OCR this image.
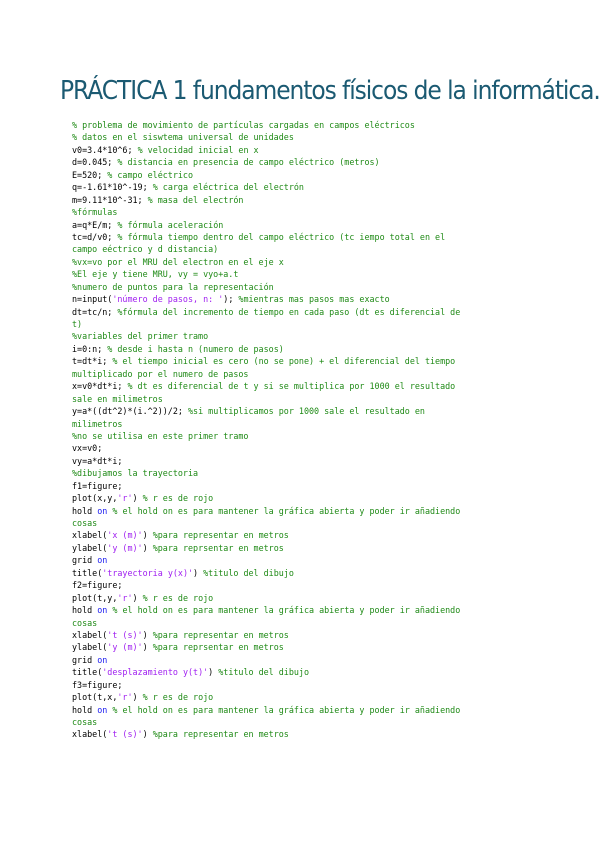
PRÁCTICA 1 fundamentos físicos de la informática.
% problema de movimiento de partículas cargadas en campos eléctricos
% datos en el siswtema universal de unidades
v0=3.4*10^6; % velocidad inicial en x
d=0.045; % distancia en presencia de campo eléctrico (metros)
E=520; % campo eléctrico
q=-1.61*10^-19; % carga eléctrica del electrón
m=9.11*10^-31; % masa del electrón
%fórmulas
a=q*E/m; % fórmula aceleración
tc=d/v0; % fórmula tiempo dentro del campo eléctrico (tc iempo total en el
campo eéctrico y d distancia)
%vx=vo por el MRU del electron en el eje x
%El eje y tiene MRU, vy = vyo+a.t
%numero de puntos para la representación
n=input('número de pasos, n: '); %mientras mas pasos mas exacto
dt=tc/n; %fórmula del incremento de tiempo en cada paso (dt es diferencial de
t)
%variables del primer tramo
i=0:n; % desde i hasta n (numero de pasos)
t=dt*i; % el tiempo inicial es cero (no se pone) + el diferencial del tiempo
multiplicado por el numero de pasos
x=v0*dt*i; % dt es diferencial de t y si se multiplica por 1000 el resultado
sale en milimetros
y=a*((dt^2)*(i.^2))/2; %si multiplicamos por 1000 sale el resultado en
milimetros
%no se utilisa en este primer tramo
vx=v0;
vy=a*dt*i;
%dibujamos la trayectoria
f1=figure;
plot(x,y,'r') % r es de rojo
hold on % el hold on es para mantener la gráfica abierta y poder ir añadiendo
cosas
xlabel('x (m)') %para representar en metros
ylabel('y (m)') %para reprsentar en metros
grid on
title('trayectoria y(x)') %titulo del dibujo
f2=figure;
plot(t,y,'r') % r es de rojo
hold on % el hold on es para mantener la gráfica abierta y poder ir añadiendo
cosas
xlabel('t (s)') %para representar en metros
ylabel('y (m)') %para reprsentar en metros
grid on
title('desplazamiento y(t)') %titulo del dibujo
f3=figure;
plot(t,x,'r') % r es de rojo
hold on % el hold on es para mantener la gráfica abierta y poder ir añadiendo
cosas
xlabel('t (s)') %para representar en metros
